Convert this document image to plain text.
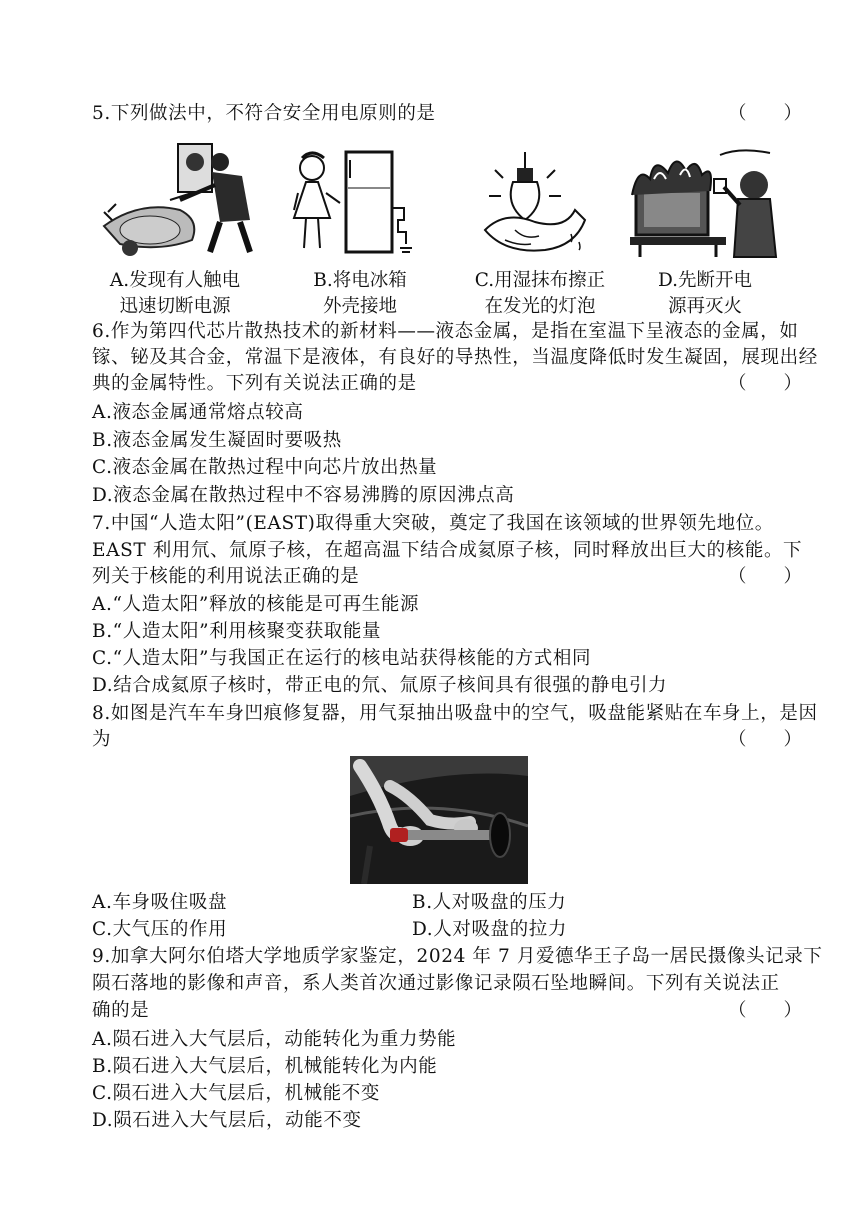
5.下列做法中，不符合安全用电原则的是	（　　）
A.发现有人触电
迅速切断电源
B.将电冰箱
外壳接地
C.用湿抹布擦正
在发光的灯泡
D.先断开电
源再灭火
6.作为第四代芯片散热技术的新材料——液态金属，是指在室温下呈液态的金属，如
镓、铋及其合金，常温下是液体，有良好的导热性，当温度降低时发生凝固，展现出经
典的金属特性。下列有关说法正确的是	（　　）
A.液态金属通常熔点较高
B.液态金属发生凝固时要吸热
C.液态金属在散热过程中向芯片放出热量
D.液态金属在散热过程中不容易沸腾的原因沸点高
7.中国“人造太阳”(EAST)取得重大突破，奠定了我国在该领域的世界领先地位。
EAST 利用氘、氚原子核，在超高温下结合成氦原子核，同时释放出巨大的核能。下
列关于核能的利用说法正确的是	（　　）
A.“人造太阳”释放的核能是可再生能源
B.“人造太阳”利用核聚变获取能量
C.“人造太阳”与我国正在运行的核电站获得核能的方式相同
D.结合成氦原子核时，带正电的氘、氚原子核间具有很强的静电引力
8.如图是汽车车身凹痕修复器，用气泵抽出吸盘中的空气，吸盘能紧贴在车身上，是因
为	（　　）
A.车身吸住吸盘	B.人对吸盘的压力
C.大气压的作用	D.人对吸盘的拉力
9.加拿大阿尔伯塔大学地质学家鉴定，2024 年 7 月爱德华王子岛一居民摄像头记录下
陨石落地的影像和声音，系人类首次通过影像记录陨石坠地瞬间。下列有关说法正
确的是	（　　）
A.陨石进入大气层后，动能转化为重力势能
B.陨石进入大气层后，机械能转化为内能
C.陨石进入大气层后，机械能不变
D.陨石进入大气层后，动能不变
